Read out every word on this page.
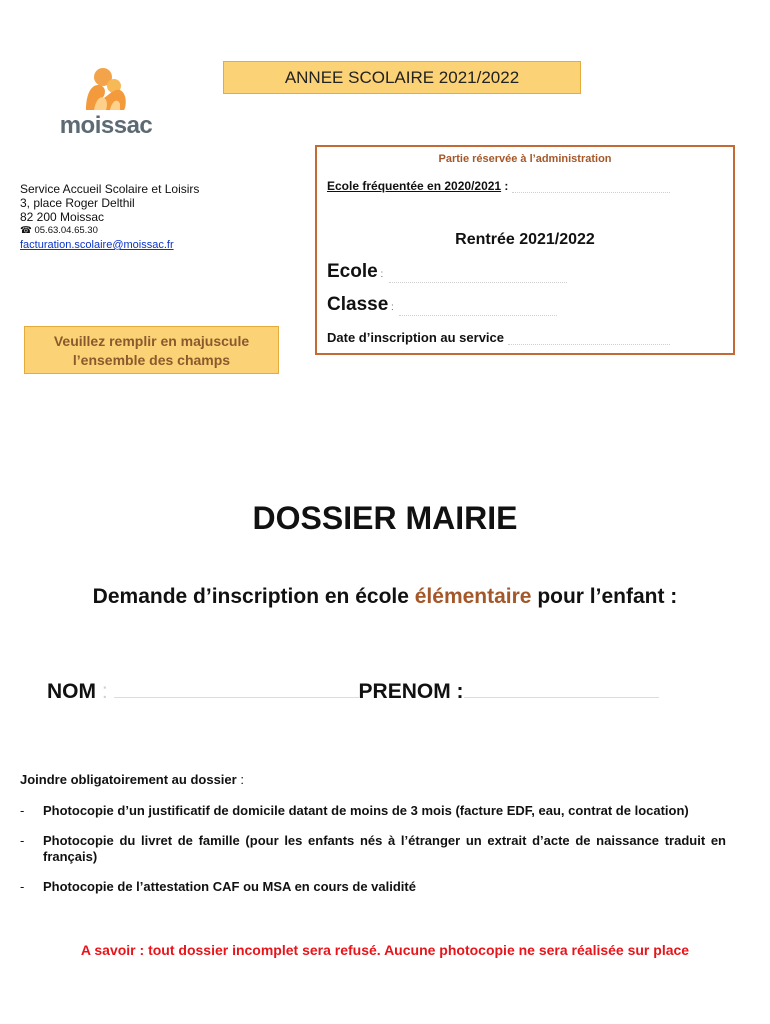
ANNEE SCOLAIRE 2021/2022
moissac
Service Accueil Scolaire et Loisirs
3, place Roger Delthil
82 200 Moissac
☎ 05.63.04.65.30
facturation.scolaire@moissac.fr
Partie réservée à l’administration
Ecole fréquentée en 2020/2021 :
Rentrée 2021/2022
Ecole :
Classe :
Date d’inscription au service
Veuillez remplir en majuscule
l’ensemble des champs
DOSSIER MAIRIE
Demande d’inscription en école élémentaire pour l’enfant :
NOM :	PRENOM :
Joindre obligatoirement au dossier :
- Photocopie d’un justificatif de domicile datant de moins de 3 mois (facture EDF, eau, contrat de location)
- Photocopie du livret de famille (pour les enfants nés à l’étranger un extrait d’acte de naissance traduit en français)
- Photocopie de l’attestation CAF ou MSA en cours de validité
A savoir : tout dossier incomplet sera refusé. Aucune photocopie ne sera réalisée sur place
